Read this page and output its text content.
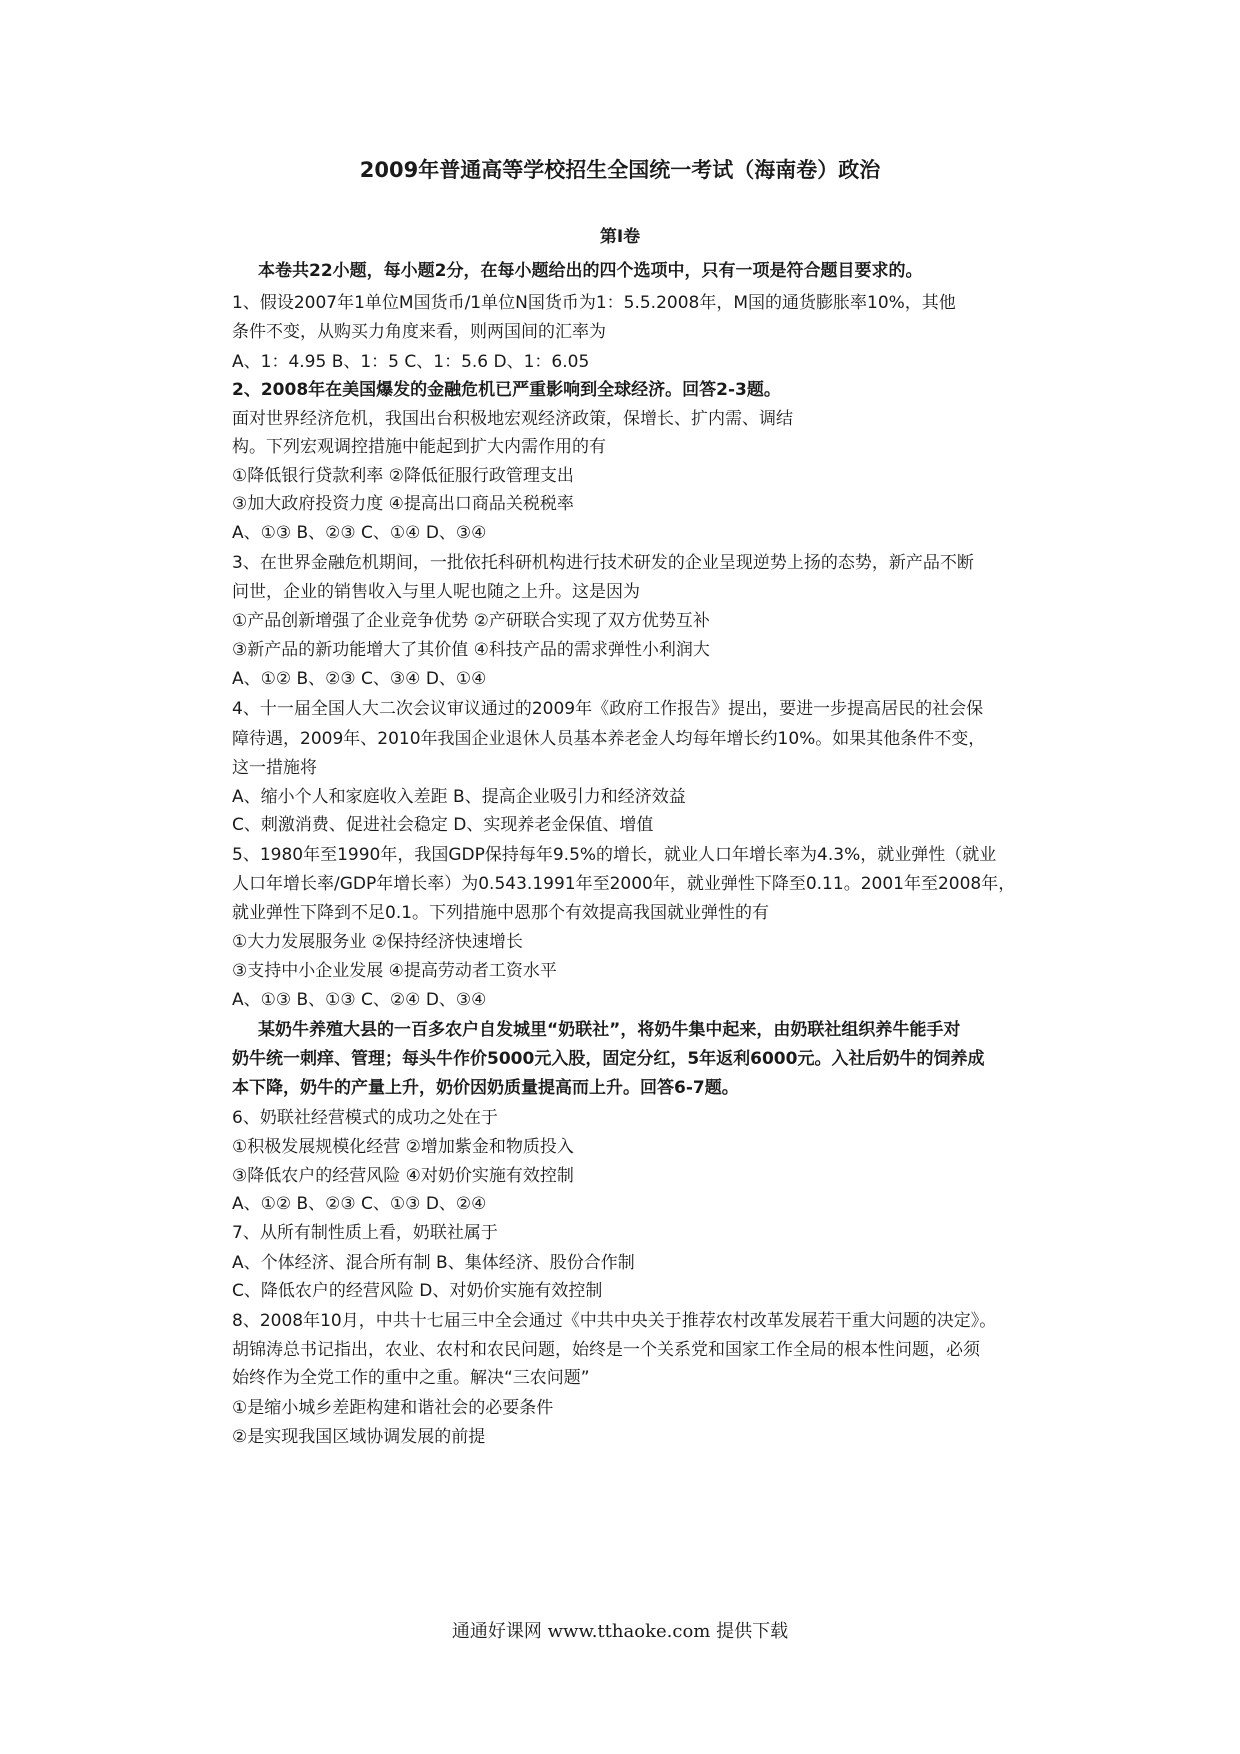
2009年普通高等学校招生全国统一考试（海南卷）政治
第Ⅰ卷
本卷共22小题，每小题2分，在每小题给出的四个选项中，只有一项是符合题目要求的。
1、假设2007年1单位M国货币/1单位N国货币为1：5.5.2008年，M国的通货膨胀率10%，其他
条件不变，从购买力角度来看，则两国间的汇率为
A、1：4.95 B、1：5 C、1：5.6 D、1：6.05
2、2008年在美国爆发的金融危机已严重影响到全球经济。回答2-3题。
面对世界经济危机，我国出台积极地宏观经济政策，保增长、扩内需、调结
构。下列宏观调控措施中能起到扩大内需作用的有
①降低银行贷款利率 ②降低征服行政管理支出
③加大政府投资力度 ④提高出口商品关税税率
A、①③ B、②③ C、①④ D、③④
3、在世界金融危机期间，一批依托科研机构进行技术研发的企业呈现逆势上扬的态势，新产品不断
问世，企业的销售收入与里人呢也随之上升。这是因为
①产品创新增强了企业竞争优势 ②产研联合实现了双方优势互补
③新产品的新功能增大了其价值 ④科技产品的需求弹性小利润大
A、①② B、②③ C、③④ D、①④
4、十一届全国人大二次会议审议通过的2009年《政府工作报告》提出，要进一步提高居民的社会保
障待遇，2009年、2010年我国企业退休人员基本养老金人均每年增长约10%。如果其他条件不变，
这一措施将
A、缩小个人和家庭收入差距 B、提高企业吸引力和经济效益
C、刺激消费、促进社会稳定 D、实现养老金保值、增值
5、1980年至1990年，我国GDP保持每年9.5%的增长，就业人口年增长率为4.3%，就业弹性（就业
人口年增长率/GDP年增长率）为0.543.1991年至2000年，就业弹性下降至0.11。2001年至2008年，
就业弹性下降到不足0.1。下列措施中恩那个有效提高我国就业弹性的有
①大力发展服务业 ②保持经济快速增长
③支持中小企业发展 ④提高劳动者工资水平
A、①③ B、①③ C、②④ D、③④
某奶牛养殖大县的一百多农户自发城里“奶联社”，将奶牛集中起来，由奶联社组织养牛能手对
奶牛统一刺痒、管理；每头牛作价5000元入股，固定分红，5年返利6000元。入社后奶牛的饲养成
本下降，奶牛的产量上升，奶价因奶质量提高而上升。回答6-7题。
6、奶联社经营模式的成功之处在于
①积极发展规模化经营 ②增加紫金和物质投入
③降低农户的经营风险 ④对奶价实施有效控制
A、①② B、②③ C、①③ D、②④
7、从所有制性质上看，奶联社属于
A、个体经济、混合所有制 B、集体经济、股份合作制
C、降低农户的经营风险 D、对奶价实施有效控制
8、2008年10月，中共十七届三中全会通过《中共中央关于推荐农村改革发展若干重大问题的决定》。
胡锦涛总书记指出，农业、农村和农民问题，始终是一个关系党和国家工作全局的根本性问题，必须
始终作为全党工作的重中之重。解决“三农问题”
①是缩小城乡差距构建和谐社会的必要条件
②是实现我国区域协调发展的前提
通通好课网 www.tthaoke.com 提供下载
